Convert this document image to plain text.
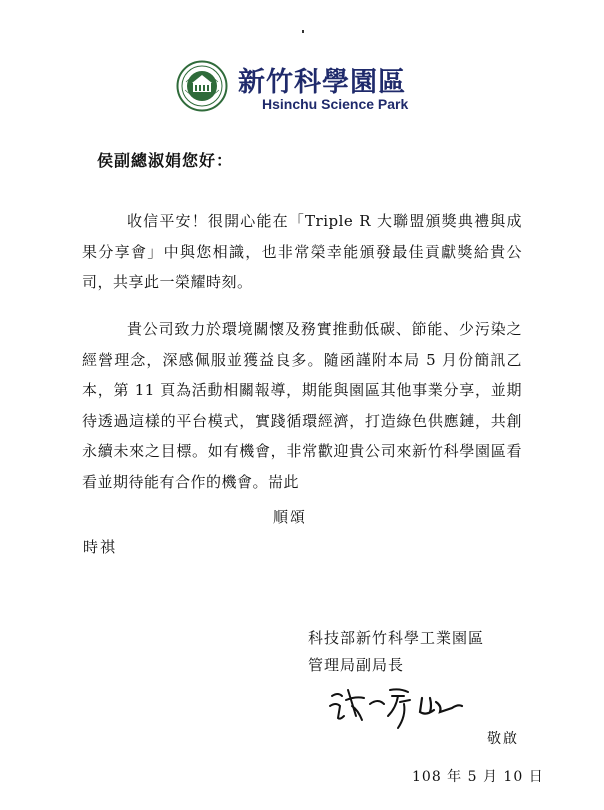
新竹科學園區
Hsinchu Science Park
侯副總淑娟您好：
收信平安！很開心能在「Triple R 大聯盟頒獎典禮與成果分享會」中與您相識，也非常榮幸能頒發最佳貢獻獎給貴公司，共享此一榮耀時刻。
貴公司致力於環境關懷及務實推動低碳、節能、少污染之經營理念，深感佩服並獲益良多。隨函謹附本局 5 月份簡訊乙本，第 11 頁為活動相關報導，期能與園區其他事業分享，並期待透過這樣的平台模式，實踐循環經濟，打造綠色供應鏈，共創永續未來之目標。如有機會，非常歡迎貴公司來新竹科學園區看看並期待能有合作的機會。耑此
順頌
時祺
科技部新竹科學工業園區
管理局副局長
敬啟
108 年 5 月 10 日
